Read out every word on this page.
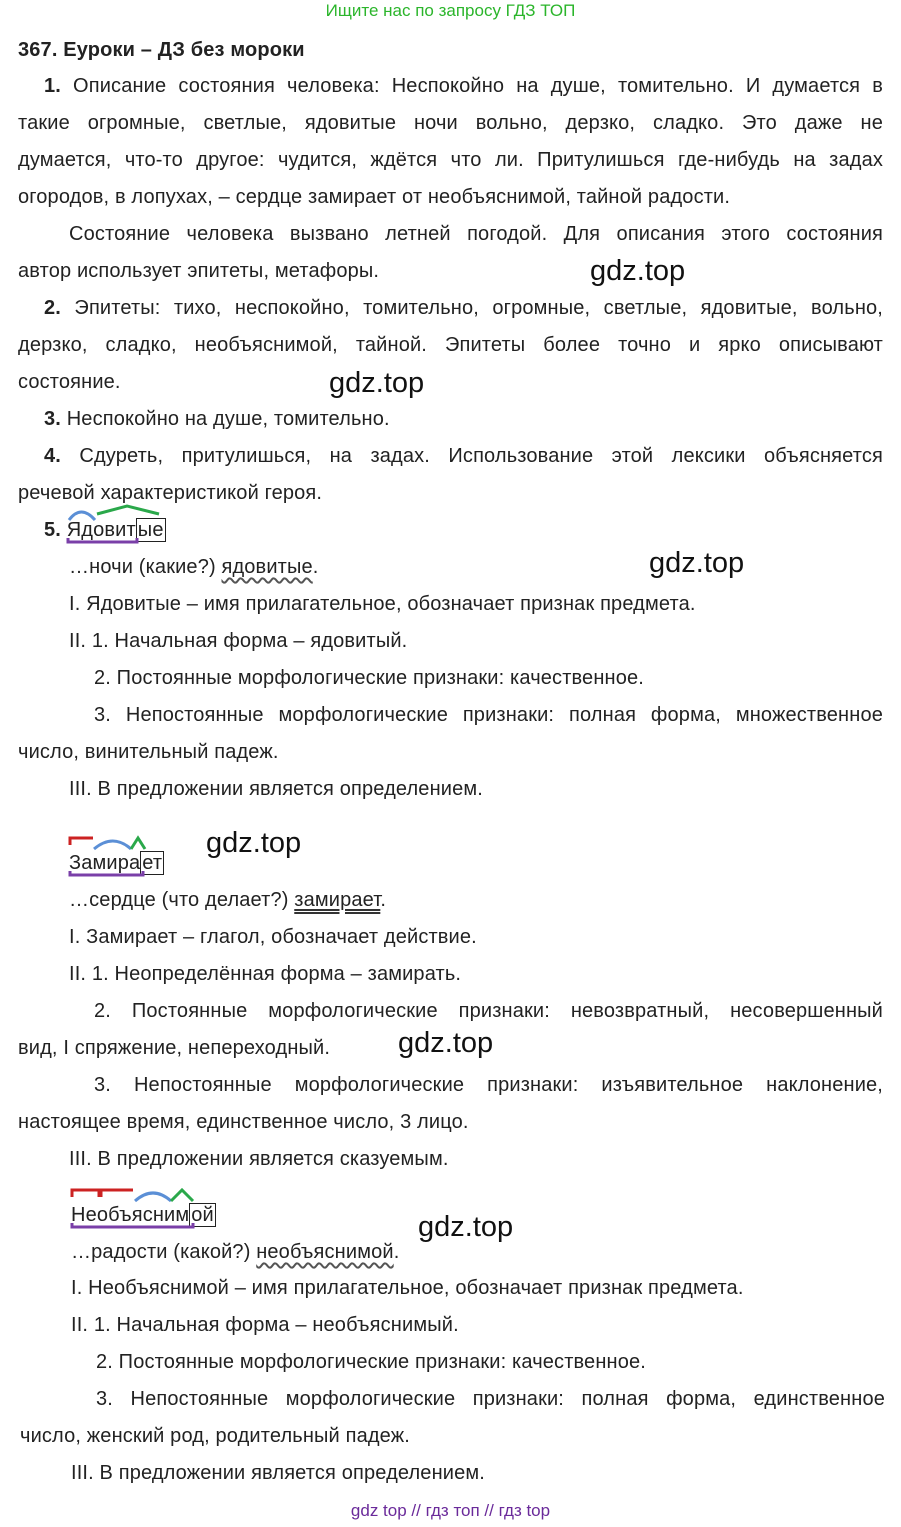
Ищите нас по запросу ГДЗ ТОП
367. Еуроки – ДЗ без мороки
1. Описание состояния человека: Неспокойно на душе, томительно. И думается в
такие огромные, светлые, ядовитые ночи вольно, дерзко, сладко. Это даже не
думается, что-то другое: чудится, ждётся что ли. Притулишься где-нибудь на задах
огородов, в лопухах, – сердце замирает от необъяснимой, тайной радости.
Состояние человека вызвано летней погодой. Для описания этого состояния
автор использует эпитеты, метафоры.	gdz.top
2. Эпитеты: тихо, неспокойно, томительно, огромные, светлые, ядовитые, вольно,
дерзко, сладко, необъяснимой, тайной. Эпитеты более точно и ярко описывают
состояние.	gdz.top
3. Неспокойно на душе, томительно.
4. Сдуреть, притулишься, на задах. Использование этой лексики объясняется
речевой характеристикой героя.
5. Ядовит ые
…ночи (какие?) ядовитые.	gdz.top
I. Ядовитые – имя прилагательное, обозначает признак предмета.
II. 1. Начальная форма – ядовитый.
2. Постоянные морфологические признаки: качественное.
3. Непостоянные морфологические признаки: полная форма, множественное
число, винительный падеж.
III. В предложении является определением.
gdz.top
Замира ет
…сердце (что делает?) замирает.
I. Замирает – глагол, обозначает действие.
II. 1. Неопределённая форма – замирать.
2. Постоянные морфологические признаки: невозвратный, несовершенный
вид, I спряжение, непереходный. gdz.top
3. Непостоянные морфологические признаки: изъявительное наклонение,
настоящее время, единственное число, 3 лицо.
III. В предложении является сказуемым.
Необъясним ой	gdz.top
…радости (какой?) необъяснимой.
I. Необъяснимой – имя прилагательное, обозначает признак предмета.
II. 1. Начальная форма – необъяснимый.
2. Постоянные морфологические признаки: качественное.
3. Непостоянные морфологические признаки: полная форма, единственное
число, женский род, родительный падеж.
III. В предложении является определением.
gdz top // гдз топ // гдз top
